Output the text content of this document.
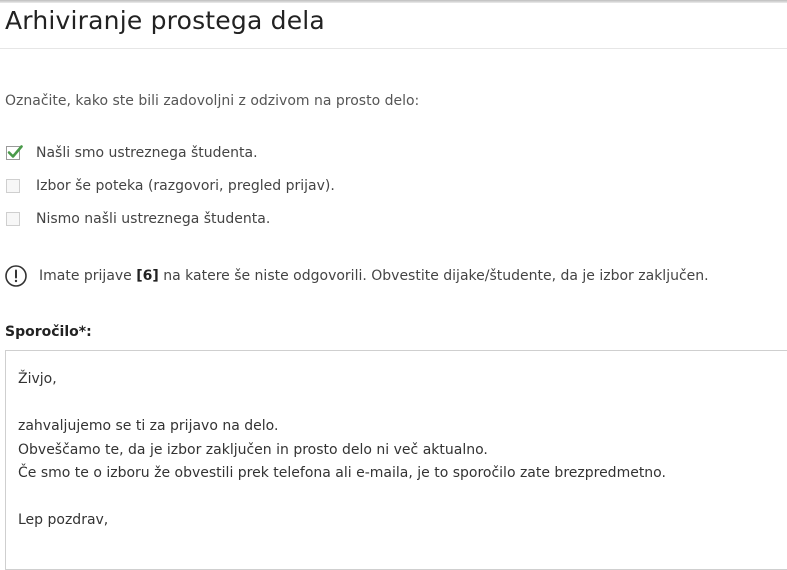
Arhiviranje prostega dela
Označite, kako ste bili zadovoljni z odzivom na prosto delo:
Našli smo ustreznega študenta.
Izbor še poteka (razgovori, pregled prijav).
Nismo našli ustreznega študenta.
Imate prijave [6] na katere še niste odgovorili. Obvestite dijake/študente, da je izbor zaključen.
Sporočilo*:
Živjo,
zahvaljujemo se ti za prijavo na delo.
Obveščamo te, da je izbor zaključen in prosto delo ni več aktualno.
Če smo te o izboru že obvestili prek telefona ali e-maila, je to sporočilo zate brezpredmetno.
Lep pozdrav,
